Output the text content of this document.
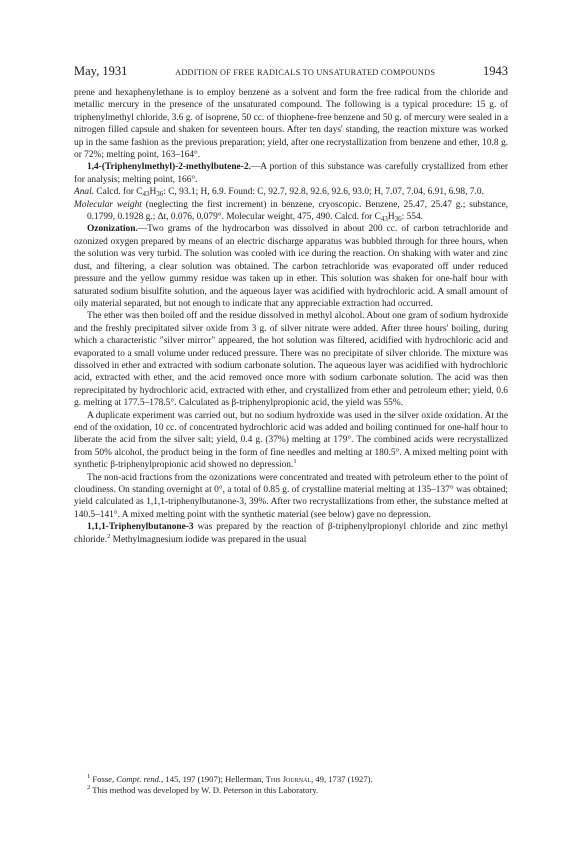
May, 1931	ADDITION OF FREE RADICALS TO UNSATURATED COMPOUNDS	1943

prene and hexaphenylethane is to employ benzene as a solvent and form the free radical from the chloride and metallic mercury in the presence of the unsaturated compound. The following is a typical procedure: 15 g. of triphenylmethyl chloride, 3.6 g. of isoprene, 50 cc. of thiophene-free benzene and 50 g. of mercury were sealed in a nitrogen filled capsule and shaken for seventeen hours. After ten days' standing, the reaction mixture was worked up in the same fashion as the previous preparation; yield, after one recrystallization from benzene and ether, 10.8 g. or 72%; melting point, 163–164°.

1,4-(Triphenylmethyl)-2-methylbutene-2.—A portion of this substance was carefully crystallized from ether for analysis; melting point, 166°.

Anal. Calcd. for $C_{43}H_{36}$: C, 93.1; H, 6.9. Found: C, 92.7, 92.8, 92.6, 92.6, 93.0; H, 7.07, 7.04, 6.91, 6.98, 7.0.

Molecular weight (neglecting the first increment) in benzene, cryoscopic. Benzene, 25.47, 25.47 g.; substance, 0.1799, 0.1928 g.; Δt, 0.076, 0.079°. Molecular weight, 475, 490. Calcd. for $C_{43}H_{36}$: 554.

Ozonization.—Two grams of the hydrocarbon was dissolved in about 200 cc. of carbon tetrachloride and ozonized oxygen prepared by means of an electric discharge apparatus was bubbled through for three hours, when the solution was very turbid. The solution was cooled with ice during the reaction. On shaking with water and zinc dust, and filtering, a clear solution was obtained. The carbon tetrachloride was evaporated off under reduced pressure and the yellow gummy residue was taken up in ether. This solution was shaken for one-half hour with saturated sodium bisulfite solution, and the aqueous layer was acidified with hydrochloric acid. A small amount of oily material separated, but not enough to indicate that any appreciable extraction had occurred.

The ether was then boiled off and the residue dissolved in methyl alcohol. About one gram of sodium hydroxide and the freshly precipitated silver oxide from 3 g. of silver nitrate were added. After three hours' boiling, during which a characteristic "silver mirror" appeared, the hot solution was filtered, acidified with hydrochloric acid and evaporated to a small volume under reduced pressure. There was no precipitate of silver chloride. The mixture was dissolved in ether and extracted with sodium carbonate solution. The aqueous layer was acidified with hydrochloric acid, extracted with ether, and the acid removed once more with sodium carbonate solution. The acid was then reprecipitated by hydrochloric acid, extracted with ether, and crystallized from ether and petroleum ether; yield, 0.6 g. melting at 177.5–178.5°. Calculated as β-triphenylpropionic acid, the yield was 55%.

A duplicate experiment was carried out, but no sodium hydroxide was used in the silver oxide oxidation. At the end of the oxidation, 10 cc. of concentrated hydrochloric acid was added and boiling continued for one-half hour to liberate the acid from the silver salt; yield, 0.4 g. (37%) melting at 179°. The combined acids were recrystallized from 50% alcohol, the product being in the form of fine needles and melting at 180.5°. A mixed melting point with synthetic β-triphenylpropionic acid showed no depression.$^1$

The non-acid fractions from the ozonizations were concentrated and treated with petroleum ether to the point of cloudiness. On standing overnight at 0°, a total of 0.85 g. of crystalline material melting at 135–137° was obtained; yield calculated as 1,1,1-triphenylbutanone-3, 39%. After two recrystallizations from ether, the substance melted at 140.5–141°. A mixed melting point with the synthetic material (see below) gave no depression.

1,1,1-Triphenylbutanone-3 was prepared by the reaction of β-triphenylpropionyl chloride and zinc methyl chloride.$^2$ Methylmagnesium iodide was prepared in the usual

$^1$ Fosse, Compt. rend., 145, 197 (1907); Hellerman, This Journal, 49, 1737 (1927).

$^2$ This method was developed by W. D. Peterson in this Laboratory.
